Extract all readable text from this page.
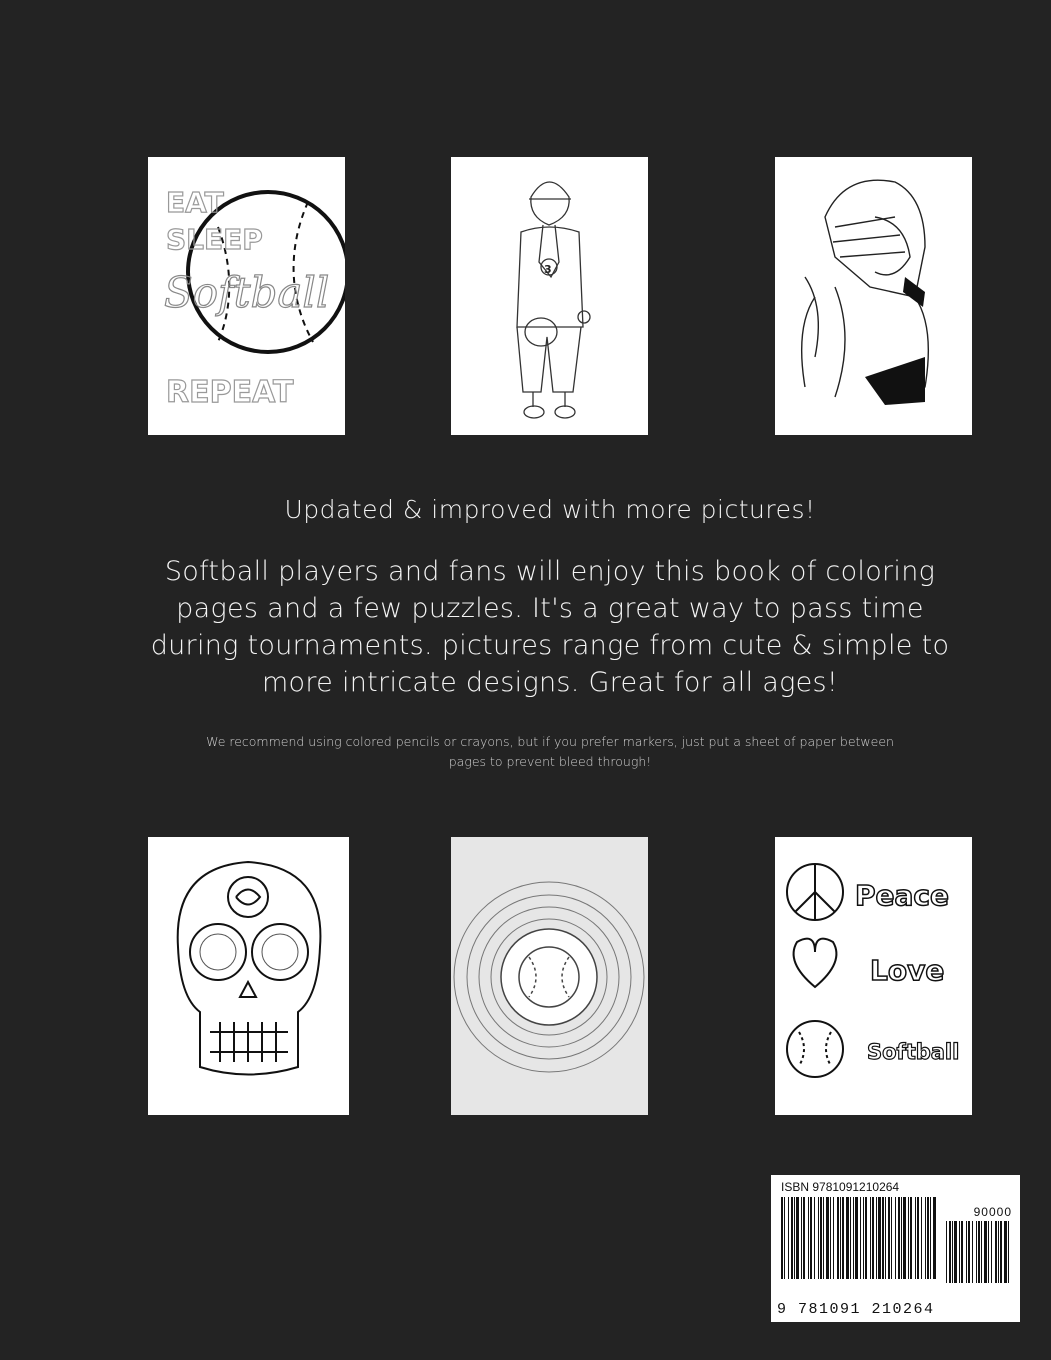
EAT
SLEEP
Softball
REPEAT
3
Updated & improved with more pictures!
Softball players and fans will enjoy this book of coloring pages and a few puzzles. It's a great way to pass time during tournaments. pictures range from cute & simple to more intricate designs. Great for all ages!
We recommend using colored pencils or crayons, but if you prefer markers, just put a sheet of paper between pages to prevent bleed through!
Peace
Love
Softball
ISBN 9781091210264
90000
9 781091 210264
